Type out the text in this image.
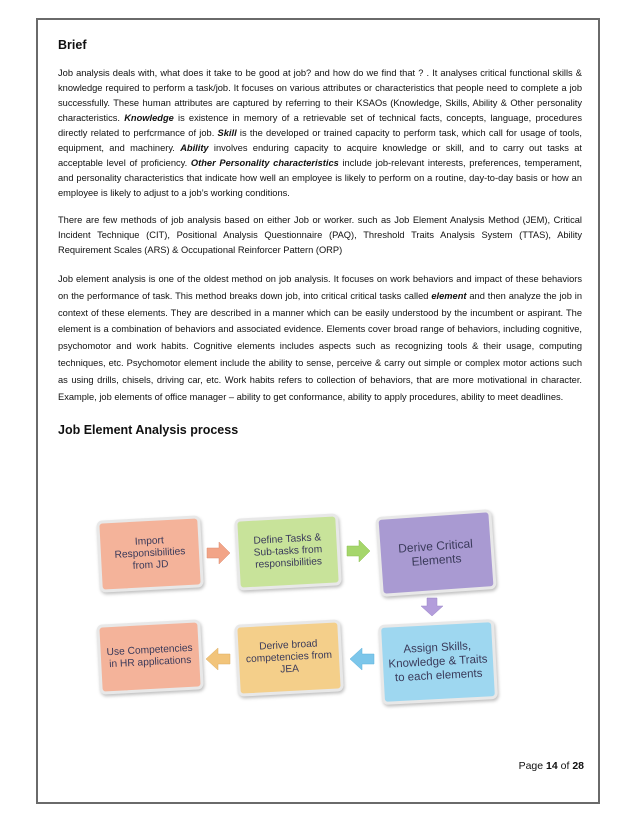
Brief

Job analysis deals with, what does it take to be good at job? and how do we find that ? . It analyses critical functional skills & knowledge required to perform a task/job. It focuses on various attributes or characteristics that people need to complete a job successfully. These human attributes are captured by referring to their KSAOs (Knowledge, Skills, Ability & Other personality characteristics. Knowledge is existence in memory of a retrievable set of technical facts, concepts, language, procedures directly related to perfcrmance of job. Skill is the developed or trained capacity to perform task, which call for usage of tools, equipment, and machinery. Ability involves enduring capacity to acquire knowledge or skill, and to carry out tasks at acceptable level of proficiency. Other Personality characteristics include job-relevant interests, preferences, temperament, and personality characteristics that indicate how well an employee is likely to perform on a routine, day-to-day basis or how an employee is likely to adjust to a job’s working conditions.

There are few methods of job analysis based on either Job or worker. such as Job Element Analysis Method (JEM), Critical Incident Technique (CIT), Positional Analysis Questionnaire (PAQ), Threshold Traits Analysis System (TTAS), Ability Requirement Scales (ARS) & Occupational Reinforcer Pattern (ORP)

Job element analysis is one of the oldest method on job analysis. It focuses on work behaviors and impact of these behaviors on the performance of task. This method breaks down job, into critical critical tasks called element and then analyze the job in context of these elements. They are described in a manner which can be easily understood by the incumbent or aspirant. The element is a combination of behaviors and associated evidence. Elements cover broad range of behaviors, including cognitive, psychomotor and work habits. Cognitive elements includes aspects such as recognizing tools & their usage, computing techniques, etc. Psychomotor element include the ability to sense, perceive & carry out simple or complex motor actions such as using drills, chisels, driving car, etc. Work habits refers to collection of behaviors, that are more motivational in character. Example, job elements of office manager – ability to get conformance, ability to apply procedures, ability to meet deadlines.

Job Element Analysis process
Import Responsibilities from JD
Define Tasks & Sub-tasks from responsibilities
Derive Critical Elements
Assign Skills, Knowledge & Traits to each elements
Derive broad competencies from JEA
Use Competencies in HR applications
Page 14 of 28
